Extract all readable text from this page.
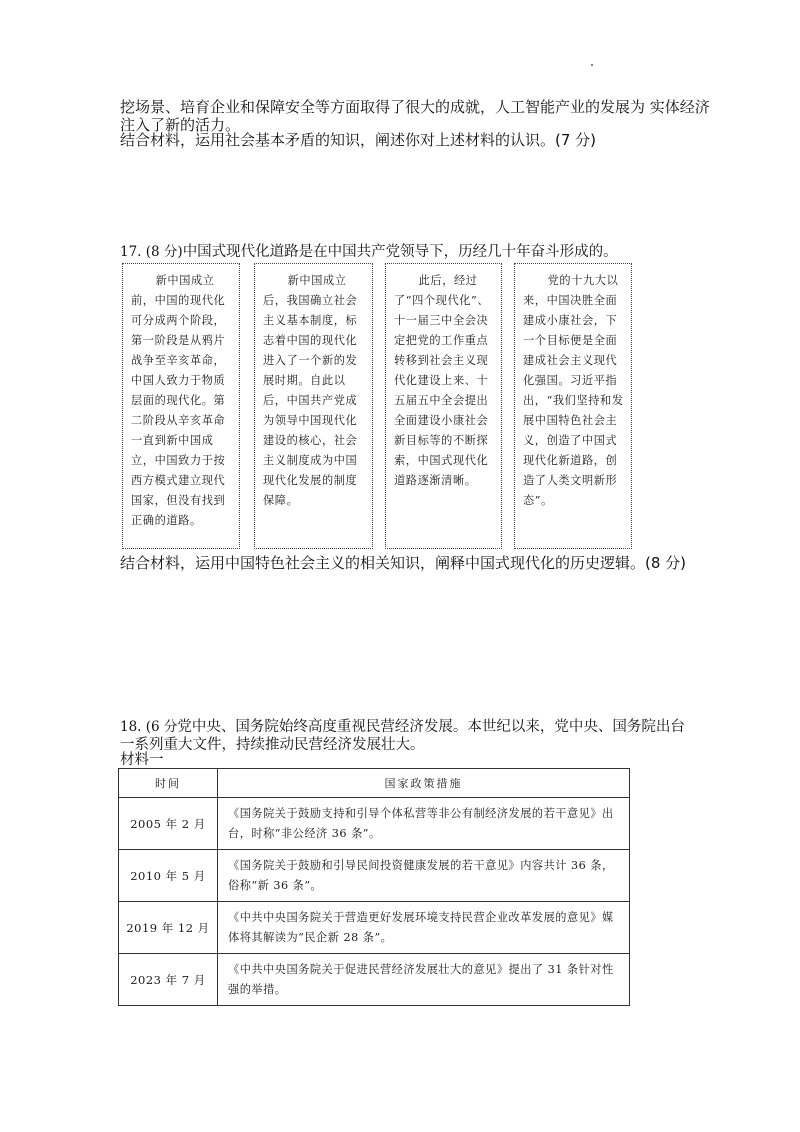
挖场景、培育企业和保障安全等方面取得了很大的成就，人工智能产业的发展为 实体经济
注入了新的活力。
结合材料，运用社会基本矛盾的知识，阐述你对上述材料的认识。(7 分)
17. (8 分)中国式现代化道路是在中国共产党领导下，历经几十年奋斗形成的。
新中国成立前，中国的现代化可分成两个阶段，第一阶段是从鸦片战争至辛亥革命，中国人致力于物质层面的现代化。第二阶段从辛亥革命一直到新中国成立，中国致力于按西方模式建立现代国家，但没有找到正确的道路。
新中国成立后，我国确立社会主义基本制度，标志着中国的现代化进入了一个新的发展时期。自此以后，中国共产党成为领导中国现代化建设的核心，社会主义制度成为中国现代化发展的制度保障。
此后，经过了“四个现代化”、十一届三中全会决定把党的工作重点转移到社会主义现代化建设上来、十五届五中全会提出全面建设小康社会新目标等的不断探索，中国式现代化道路逐渐清晰。
党的十九大以来，中国决胜全面建成小康社会，下一个目标便是全面建成社会主义现代化强国。习近平指出，“我们坚持和发展中国特色社会主义，创造了中国式现代化新道路，创造了人类文明新形态”。
结合材料，运用中国特色社会主义的相关知识，阐释中国式现代化的历史逻辑。(8 分)
18. (6 分党中央、国务院始终高度重视民营经济发展。本世纪以来，党中央、国务院出台
一系列重大文件，持续推动民营经济发展壮大。
材料一
时间	国家政策措施
2005 年 2 月	《国务院关于鼓励支持和引导个体私营等非公有制经济发展的若干意见》出台，时称“非公经济 36 条”。
2010 年 5 月	《国务院关于鼓励和引导民间投资健康发展的若干意见》内容共计 36 条，俗称“新 36 条”。
2019 年 12 月	《中共中央国务院关于营造更好发展环境支持民营企业改革发展的意见》媒体将其解读为“民企新 28 条”。
2023 年 7 月	《中共中央国务院关于促进民营经济发展壮大的意见》提出了 31 条针对性强的举措。
